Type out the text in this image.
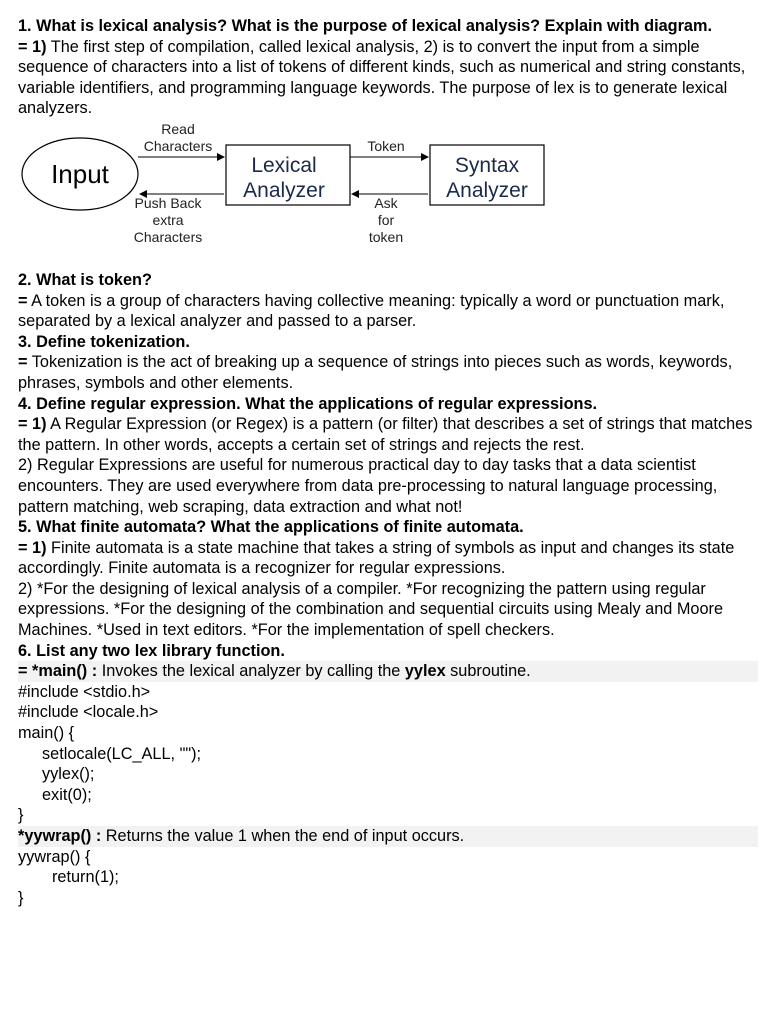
1. What is lexical analysis? What is the purpose of lexical analysis? Explain with diagram.

= 1) The first step of compilation, called lexical analysis, 2) is to convert the input from a simple sequence of characters into a list of tokens of different kinds, such as numerical and string constants, variable identifiers, and programming language keywords. The purpose of lex is to generate lexical analyzers.

Input	Lexical
Analyzer
Syntax
Analyzer
Read
Characters
Push Back
extra
Characters
Token
Ask
for
token

2. What is token?

= A token is a group of characters having collective meaning: typically a word or punctuation mark, separated by a lexical analyzer and passed to a parser.

3. Define tokenization.

= Tokenization is the act of breaking up a sequence of strings into pieces such as words, keywords, phrases, symbols and other elements.

4. Define regular expression. What the applications of regular expressions.

= 1) A Regular Expression (or Regex) is a pattern (or filter) that describes a set of strings that matches the pattern. In other words, accepts a certain set of strings and rejects the rest.

2) Regular Expressions are useful for numerous practical day to day tasks that a data scientist encounters. They are used everywhere from data pre-processing to natural language processing, pattern matching, web scraping, data extraction and what not!

5. What finite automata? What the applications of finite automata.

= 1) Finite automata is a state machine that takes a string of symbols as input and changes its state accordingly. Finite automata is a recognizer for regular expressions.

2) *For the designing of lexical analysis of a compiler. *For recognizing the pattern using regular expressions. *For the designing of the combination and sequential circuits using Mealy and Moore Machines. *Used in text editors. *For the implementation of spell checkers.

6. List any two lex library function.

= *main() : Invokes the lexical analyzer by calling the yylex subroutine.

#include <stdio.h>

#include <locale.h>

main() {

setlocale(LC_ALL, "");

yylex();

exit(0);

}

*yywrap() : Returns the value 1 when the end of input occurs.

yywrap() {

return(1);

}
